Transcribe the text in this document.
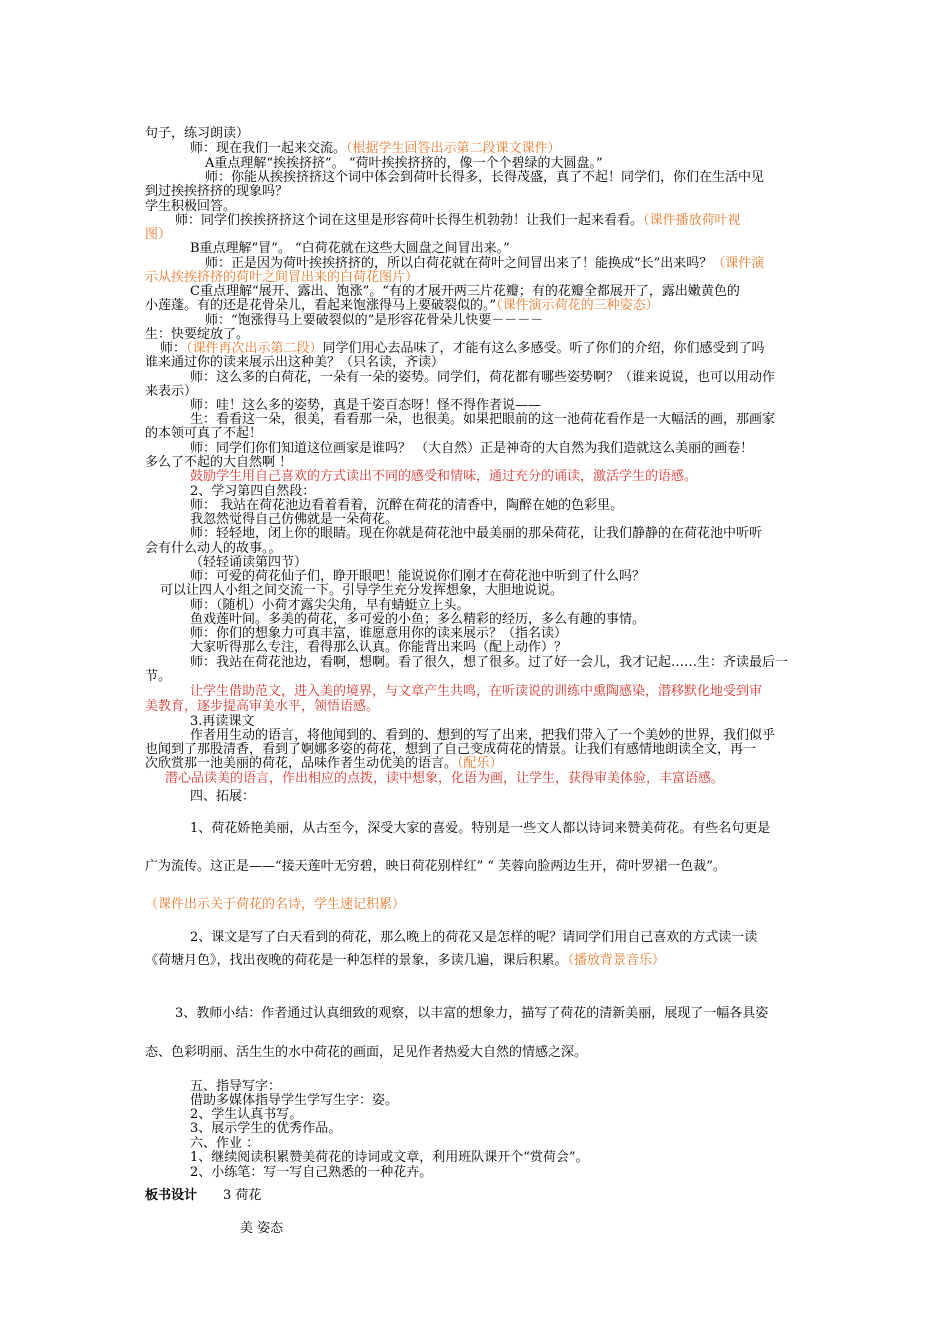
句子，练习朗读）
师：现在我们一起来交流。（根据学生回答出示第二段课文课件）
A重点理解“挨挨挤挤”。 “荷叶挨挨挤挤的，像一个个碧绿的大圆盘。”
师：你能从挨挨挤挤这个词中体会到荷叶长得多，长得茂盛，真了不起！同学们，你们在生活中见
到过挨挨挤挤的现象吗？
学生积极回答。
师：同学们挨挨挤挤这个词在这里是形容荷叶长得生机勃勃！让我们一起来看看。（课件播放荷叶视
图）
B重点理解“冒”。 “白荷花就在这些大圆盘之间冒出来。”
师：正是因为荷叶挨挨挤挤的，所以白荷花就在荷叶之间冒出来了！能换成“长”出来吗？（课件演
示从挨挨挤挤的荷叶之间冒出来的白荷花图片）
C重点理解“展开、露出、饱涨”。“有的才展开两三片花瓣；有的花瓣全都展开了，露出嫩黄色的
小莲蓬。有的还是花骨朵儿，看起来饱涨得马上要破裂似的。”（课件演示荷花的三种姿态）
师：“饱涨得马上要破裂似的”是形容花骨朵儿快要－－－－
生：快要绽放了。
师：（课件再次出示第二段）同学们用心去品味了，才能有这么多感受。听了你们的介绍，你们感受到了吗
谁来通过你的读来展示出这种美？（只名读，齐读）
师：这么多的白荷花，一朵有一朵的姿势。同学们，荷花都有哪些姿势啊？（谁来说说，也可以用动作
来表示）
师：哇！这么多的姿势，真是千姿百态呀！怪不得作者说——
生：看看这一朵，很美，看看那一朵，也很美。如果把眼前的这一池荷花看作是一大幅活的画，那画家
的本领可真了不起！
师：同学们你们知道这位画家是谁吗？ （大自然）正是神奇的大自然为我们造就这么美丽的画卷！
多么了不起的大自然啊 ！
鼓励学生用自己喜欢的方式读出不同的感受和情味，通过充分的诵读，激活学生的语感。
2、学习第四自然段：
师： 我站在荷花池边看着看着，沉醉在荷花的清香中，陶醉在她的色彩里。
我忽然觉得自己仿佛就是一朵荷花。
师：轻轻地，闭上你的眼睛。现在你就是荷花池中最美丽的那朵荷花，让我们静静的在荷花池中听听
会有什么动人的故事。。
（轻轻诵读第四节）
师：可爱的荷花仙子们，睁开眼吧！能说说你们刚才在荷花池中听到了什么吗？
可以让四人小组之间交流一下。引导学生充分发挥想象，大胆地说说。
师：（随机）小荷才露尖尖角，早有蜻蜓立上头。
鱼戏莲叶间。多美的荷花，多可爱的小鱼；多么精彩的经历，多么有趣的事情。
师：你们的想象力可真丰富，谁愿意用你的读来展示？（指名读）
大家听得那么专注，看得那么认真。你能背出来吗（配上动作）？
师：我站在荷花池边，看啊，想啊。看了很久，想了很多。过了好一会儿，我才记起……生：齐读最后一
节。
让学生借助范文，进入美的境界，与文章产生共鸣，在听读说的训练中熏陶感染，潜移默化地受到审
美教育，逐步提高审美水平，领悟语感。
3.再读课文
作者用生动的语言，将他闻到的、看到的、想到的写了出来，把我们带入了一个美妙的世界，我们似乎
也闻到了那股清香，看到了婀娜多姿的荷花，想到了自己变成荷花的情景。让我们有感情地朗读全文，再一
次欣赏那一池美丽的荷花，品味作者生动优美的语言。（配乐）
潜心品读美的语言，作出相应的点拨，读中想象，化语为画，让学生，获得审美体验，丰富语感。
四、拓展：
1、荷花娇艳美丽，从古至今，深受大家的喜爱。特别是一些文人都以诗词来赞美荷花。有些名句更是
广为流传。这正是——“接天莲叶无穷碧，映日荷花别样红” “ 芙蓉向脸两边生开，荷叶罗裙一色裁”。
（课件出示关于荷花的名诗，学生速记积累）
2、课文是写了白天看到的荷花，那么晚上的荷花又是怎样的呢？请同学们用自己喜欢的方式读一读
《荷塘月色》，找出夜晚的荷花是一种怎样的景象，多读几遍，课后积累。（播放背景音乐）
3、教师小结：作者通过认真细致的观察，以丰富的想象力，描写了荷花的清新美丽，展现了一幅各具姿
态、色彩明丽、活生生的水中荷花的画面，足见作者热爱大自然的情感之深。
五、指导写字：
借助多媒体指导学生学写生字：姿。
2、学生认真书写。
3、展示学生的优秀作品。
六、作业 ：
1、继续阅读积累赞美荷花的诗词或文章，利用班队课开个“赏荷会”。
2、小练笔：写一写自己熟悉的一种花卉。
板书设计 3 荷花
美 姿态
